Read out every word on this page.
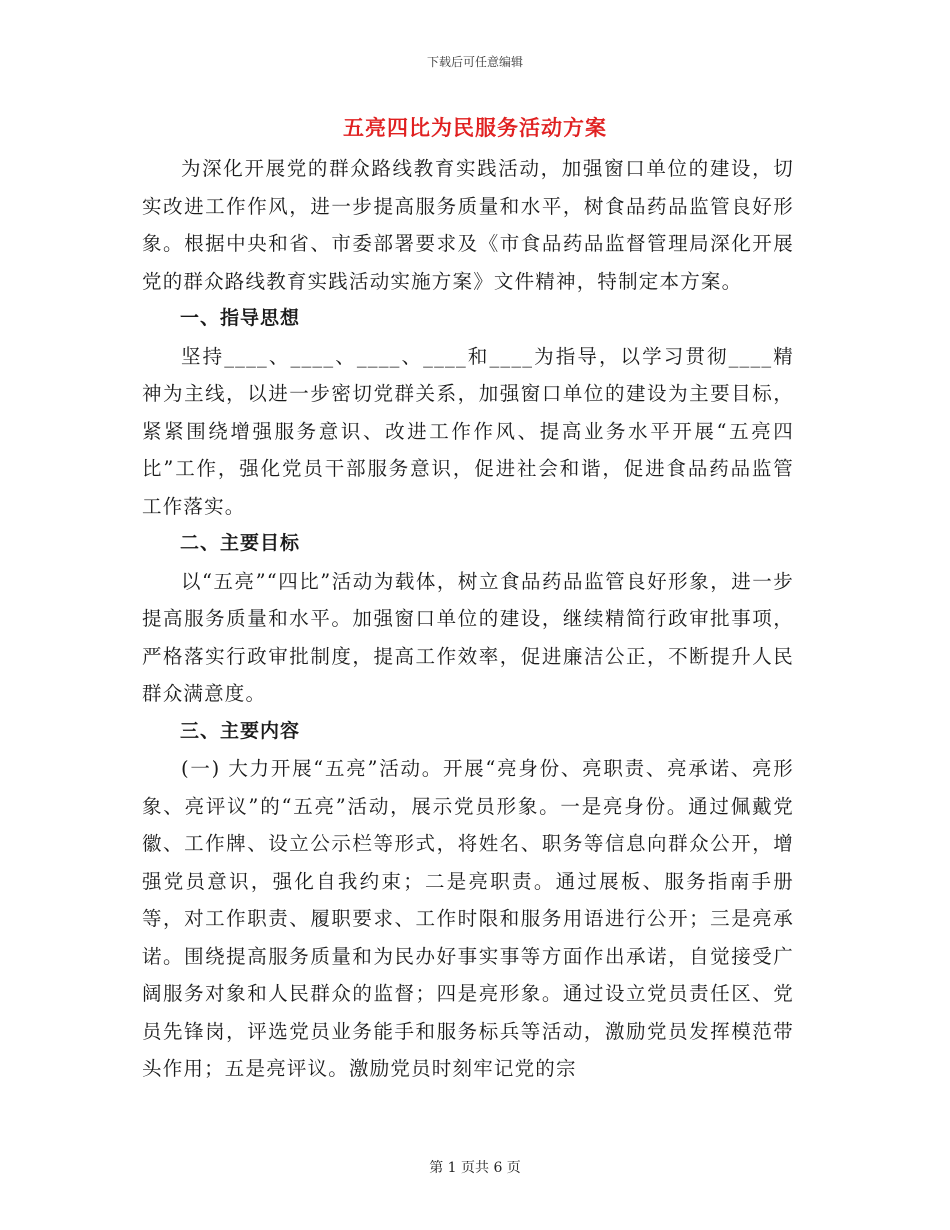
下载后可任意编辑
五亮四比为民服务活动方案

为深化开展党的群众路线教育实践活动，加强窗口单位的建设，切实改进工作作风，进一步提高服务质量和水平，树食品药品监管良好形象。根据中央和省、市委部署要求及《市食品药品监督管理局深化开展党的群众路线教育实践活动实施方案》文件精神，特制定本方案。

一、指导思想

坚持____、____、____、____和____为指导，以学习贯彻____精神为主线，以进一步密切党群关系，加强窗口单位的建设为主要目标，紧紧围绕增强服务意识、改进工作作风、提高业务水平开展“五亮四比”工作，强化党员干部服务意识，促进社会和谐，促进食品药品监管工作落实。

二、主要目标

以“五亮”“四比”活动为载体，树立食品药品监管良好形象，进一步提高服务质量和水平。加强窗口单位的建设，继续精简行政审批事项，严格落实行政审批制度，提高工作效率，促进廉洁公正，不断提升人民群众满意度。

三、主要内容

(一) 大力开展“五亮”活动。开展“亮身份、亮职责、亮承诺、亮形象、亮评议”的“五亮”活动，展示党员形象。一是亮身份。通过佩戴党徽、工作牌、设立公示栏等形式，将姓名、职务等信息向群众公开，增强党员意识，强化自我约束；二是亮职责。通过展板、服务指南手册等，对工作职责、履职要求、工作时限和服务用语进行公开；三是亮承诺。围绕提高服务质量和为民办好事实事等方面作出承诺，自觉接受广阔服务对象和人民群众的监督；四是亮形象。通过设立党员责任区、党员先锋岗，评选党员业务能手和服务标兵等活动，激励党员发挥模范带头作用；五是亮评议。激励党员时刻牢记党的宗

第 1 页共 6 页
